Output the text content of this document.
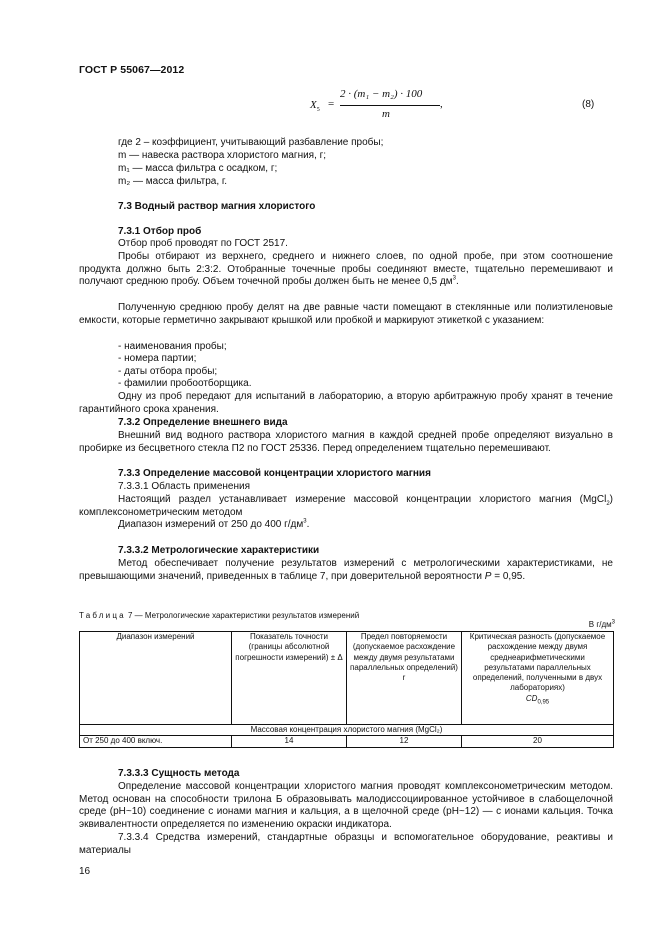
ГОСТ Р 55067—2012
$X_5$
=
2 · (m₁ − m₂) · 100
m
,	(8)
где 2 – коэффициент, учитывающий разбавление пробы;
m — навеска раствора хлористого магния, г;
m₁ — масса фильтра с осадком, г;
m₂ — масса фильтра, г.
7.3 Водный раствор магния хлористого
7.3.1 Отбор проб
Отбор проб проводят по ГОСТ 2517.
Пробы отбирают из верхнего, среднего и нижнего слоев, по одной пробе, при этом соотношение продукта должно быть 2:3:2. Отобранные точечные пробы соединяют вместе, тщательно перемешивают и получают среднюю пробу. Объем точечной пробы должен быть не менее 0,5 $дм^3$.
Полученную среднюю пробу делят на две равные части помещают в стеклянные или полиэтиленовые емкости, которые герметично закрывают крышкой или пробкой и маркируют этикеткой с указанием:
- наименования пробы;
- номера партии;
- даты отбора пробы;
- фамилии пробоотборщика.
Одну из проб передают для испытаний в лабораторию, а вторую арбитражную пробу хранят в течение гарантийного срока хранения.
7.3.2 Определение внешнего вида
Внешний вид водного раствора хлористого магния в каждой средней пробе определяют визуально в пробирке из бесцветного стекла П2 по ГОСТ 25336. Перед определением тщательно перемешивают.
7.3.3 Определение массовой концентрации хлористого магния
7.3.3.1 Область применения
Настоящий раздел устанавливает измерение массовой концентрации хлористого магния (MgCl$_2$) комплексонометрическим методом
Диапазон измерений от 250 до 400 $г/дм^3$.
7.3.3.2 Метрологические характеристики
Метод обеспечивает получение результатов измерений с метрологическими характеристиками, не превышающими значений, приведенных в таблице 7, при доверительной вероятности P = 0,95.
Таблица 7 — Метрологические характеристики результатов измерений
В $г/дм^3$
Диапазон измерений	Показатель точности (границы абсолютной погрешности измерений) ± Δ	Предел повторяемости (допускаемое расхождение между двумя результатами параллельных определений) r	Критическая разность (допускаемое расхождение между двумя среднеарифметическими результатами параллельных определений, полученными в двух лабораториях)
$CD_{0,95}$
Массовая концентрация хлористого магния (MgCl₂)			
От 250 до 400 включ.	14	12	20
7.3.3.3 Сущность метода
Определение массовой концентрации хлористого магния проводят комплексонометрическим методом. Метод основан на способности трилона Б образовывать малодиссоциированное устойчивое в слабощелочной среде (рН~10) соединение с ионами магния и кальция, а в щелочной среде (рН~12) — с ионами кальция. Точка эквивалентности определяется по изменению окраски индикатора.
7.3.3.4 Средства измерений, стандартные образцы и вспомогательное оборудование, реактивы и материалы
16
